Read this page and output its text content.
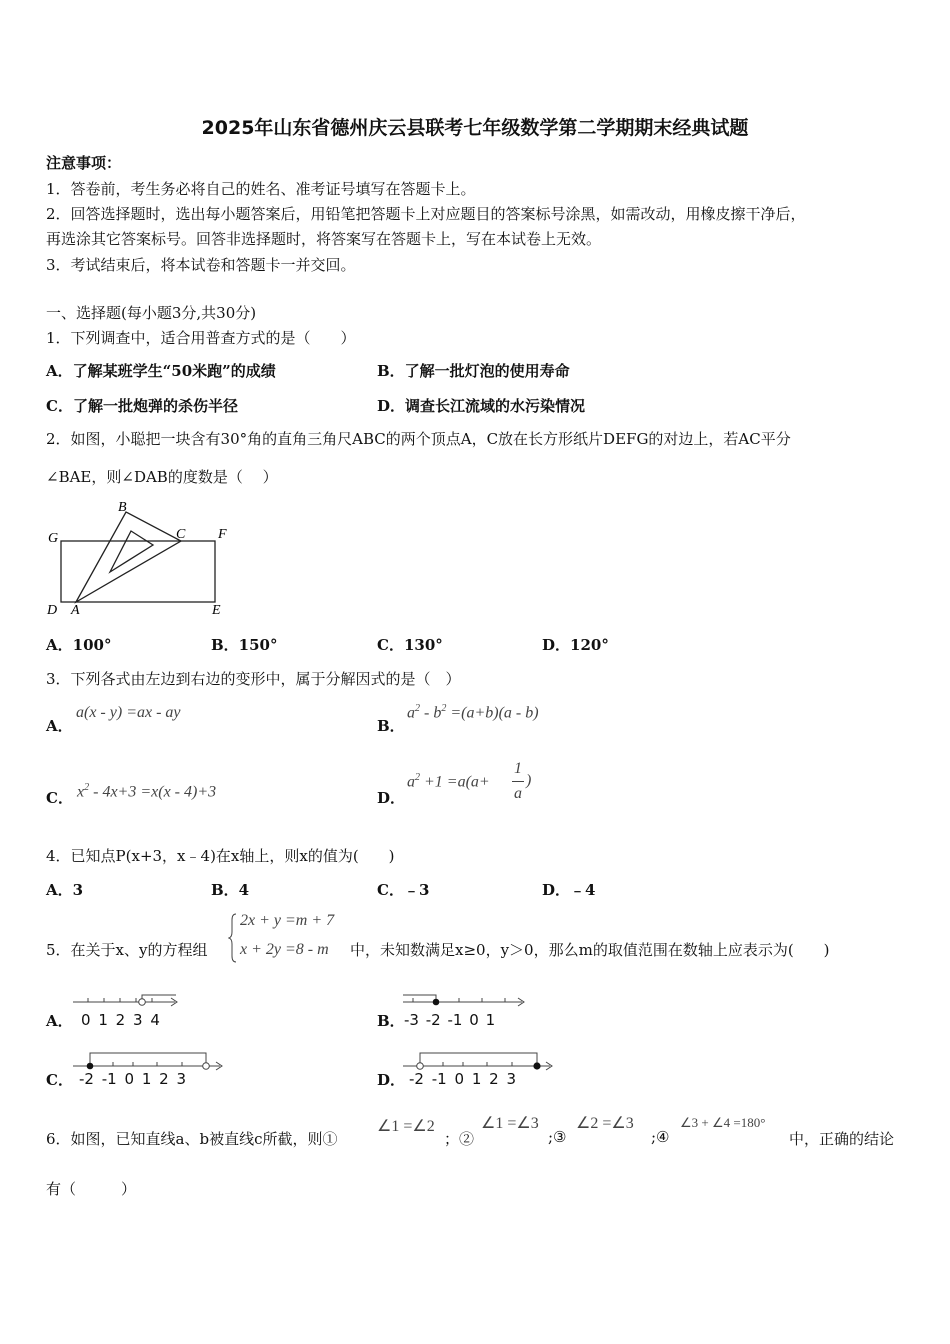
2025年山东省德州庆云县联考七年级数学第二学期期末经典试题
注意事项：
1．答卷前，考生务必将自己的姓名、准考证号填写在答题卡上。
2．回答选择题时，选出每小题答案后，用铅笔把答题卡上对应题目的答案标号涂黑，如需改动，用橡皮擦干净后，
再选涂其它答案标号。回答非选择题时，将答案写在答题卡上，写在本试卷上无效。
3．考试结束后，将本试卷和答题卡一并交回。
一、选择题(每小题3分,共30分)
1．下列调查中，适合用普查方式的是（　　）
A．了解某班学生“50米跑”的成绩	B．了解一批灯泡的使用寿命
C．了解一批炮弹的杀伤半径	D．调查长江流域的水污染情况
2．如图，小聪把一块含有30°角的直角三角尺ABC的两个顶点A，C放在长方形纸片DEFG的对边上，若AC平分
∠BAE，则∠DAB的度数是（　 ）
G
B
C F
D A	E
A．100°	B．150°	C．130°	D．120°
3．下列各式由左边到右边的变形中，属于分解因式的是（　）
A．
a(x - y) =ax - ay
B．
$a^2 - b^2 =(a+b)(a - b)$
C． $x^2 - 4x+3 =x(x - 4)+3$	D．
$a^2 +1 =a(a+$
1
a
)
4．已知点P(x+3，x﹣4)在x轴上，则x的值为(　　)
A．3	B．4	C．﹣3	D．﹣4
5．在关于x、y的方程组
2x + y =m + 7
x + 2y =8 - m 中，未知数满足x≥0，y＞0，那么m的取值范围在数轴上应表示为(　　)
A．	B．
C．	D．
0 1 2 3 4	-3 -2 -1 0 1
-2 -1 0 1 2 3	-2 -1 0 1 2 3
6．如图，已知直线a、b被直线c所截，则①
∠1 =∠2
；②
∠1 =∠3
;③
∠2 =∠3
;④
∠3 + ∠4 =180°
中，正确的结论
有（　　　）
